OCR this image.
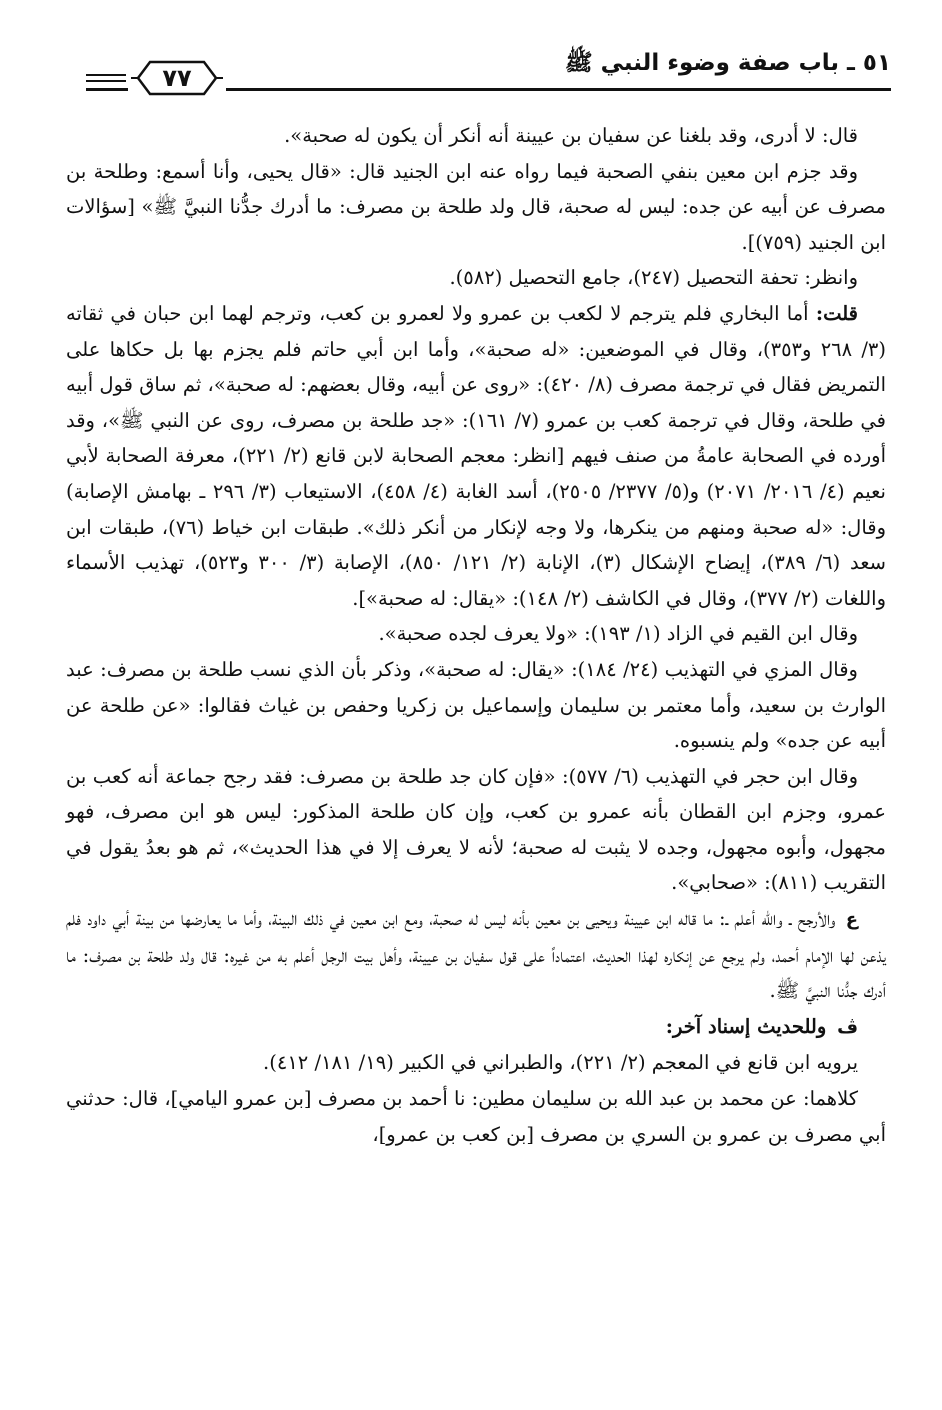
٧٧
٥١ ـ باب صفة وضوء النبي ﷺ

قال: لا أدرى، وقد بلغنا عن سفيان بن عيينة أنه أنكر أن يكون له صحبة».

وقد جزم ابن معين بنفي الصحبة فيما رواه عنه ابن الجنيد قال: «قال يحيى، وأنا أسمع: وطلحة بن مصرف عن أبيه عن جده: ليس له صحبة، قال ولد طلحة بن مصرف: ما أدرك جدُّنا النبيَّ ﷺ» [سؤالات ابن الجنيد (٧٥٩)].

وانظر: تحفة التحصيل (٢٤٧)، جامع التحصيل (٥٨٢).

قلت: أما البخاري فلم يترجم لا لكعب بن عمرو ولا لعمرو بن كعب، وترجم لهما ابن حبان في ثقاته (٣/ ٢٦٨ و٣٥٣)، وقال في الموضعين: «له صحبة»، وأما ابن أبي حاتم فلم يجزم بها بل حكاها على التمريض فقال في ترجمة مصرف (٨/ ٤٢٠): «روى عن أبيه، وقال بعضهم: له صحبة»، ثم ساق قول أبيه في طلحة، وقال في ترجمة كعب بن عمرو (٧/ ١٦١): «جد طلحة بن مصرف، روى عن النبي ﷺ»، وقد أورده في الصحابة عامةُ من صنف فيهم [انظر: معجم الصحابة لابن قانع (٢/ ٢٢١)، معرفة الصحابة لأبي نعيم (٤/ ٢٠١٦/ ٢٠٧١) و(٥/ ٢٣٧٧/ ٢٥٠٥)، أسد الغابة (٤/ ٤٥٨)، الاستيعاب (٣/ ٢٩٦ ـ بهامش الإصابة) وقال: «له صحبة ومنهم من ينكرها، ولا وجه لإنكار من أنكر ذلك». طبقات ابن خياط (٧٦)، طبقات ابن سعد (٦/ ٣٨٩)، إيضاح الإشكال (٣)، الإنابة (٢/ ١٢١/ ٨٥٠)، الإصابة (٣/ ٣٠٠ و٥٢٣)، تهذيب الأسماء واللغات (٢/ ٣٧٧)، وقال في الكاشف (٢/ ١٤٨): «يقال: له صحبة»].

وقال ابن القيم في الزاد (١/ ١٩٣): «ولا يعرف لجده صحبة».

وقال المزي في التهذيب (٢٤/ ١٨٤): «يقال: له صحبة»، وذكر بأن الذي نسب طلحة بن مصرف: عبد الوارث بن سعيد، وأما معتمر بن سليمان وإسماعيل بن زكريا وحفص بن غياث فقالوا: «عن طلحة عن أبيه عن جده» ولم ينسبوه.

وقال ابن حجر في التهذيب (٦/ ٥٧٧): «فإن كان جد طلحة بن مصرف: فقد رجح جماعة أنه كعب بن عمرو، وجزم ابن القطان بأنه عمرو بن كعب، وإن كان طلحة المذكور: ليس هو ابن مصرف، فهو مجهول، وأبوه مجهول، وجده لا يثبت له صحبة؛ لأنه لا يعرف إلا في هذا الحديث»، ثم هو بعدُ يقول في التقريب (٨١١): «صحابي».

ع والأرجح ـ والله أعلم ـ: ما قاله ابن عيينة ويحيى بن معين بأنه ليس له صحبة، ومع ابن معين في ذلك البينة، وأما ما يعارضها من بينة أبي داود فلم يذعن لها الإمام أحمد، ولم يرجع عن إنكاره لهذا الحديث، اعتماداً على قول سفيان بن عيينة، وأهل بيت الرجل أعلم به من غيره: قال ولد طلحة بن مصرف: ما أدرك جدُّنا النبيَّ ﷺ.

ڤ وللحديث إسناد آخر:

يرويه ابن قانع في المعجم (٢/ ٢٢١)، والطبراني في الكبير (١٩/ ١٨١/ ٤١٢).

كلاهما: عن محمد بن عبد الله بن سليمان مطين: نا أحمد بن مصرف [بن عمرو اليامي]، قال: حدثني أبي مصرف بن عمرو بن السري بن مصرف [بن كعب بن عمرو]،
